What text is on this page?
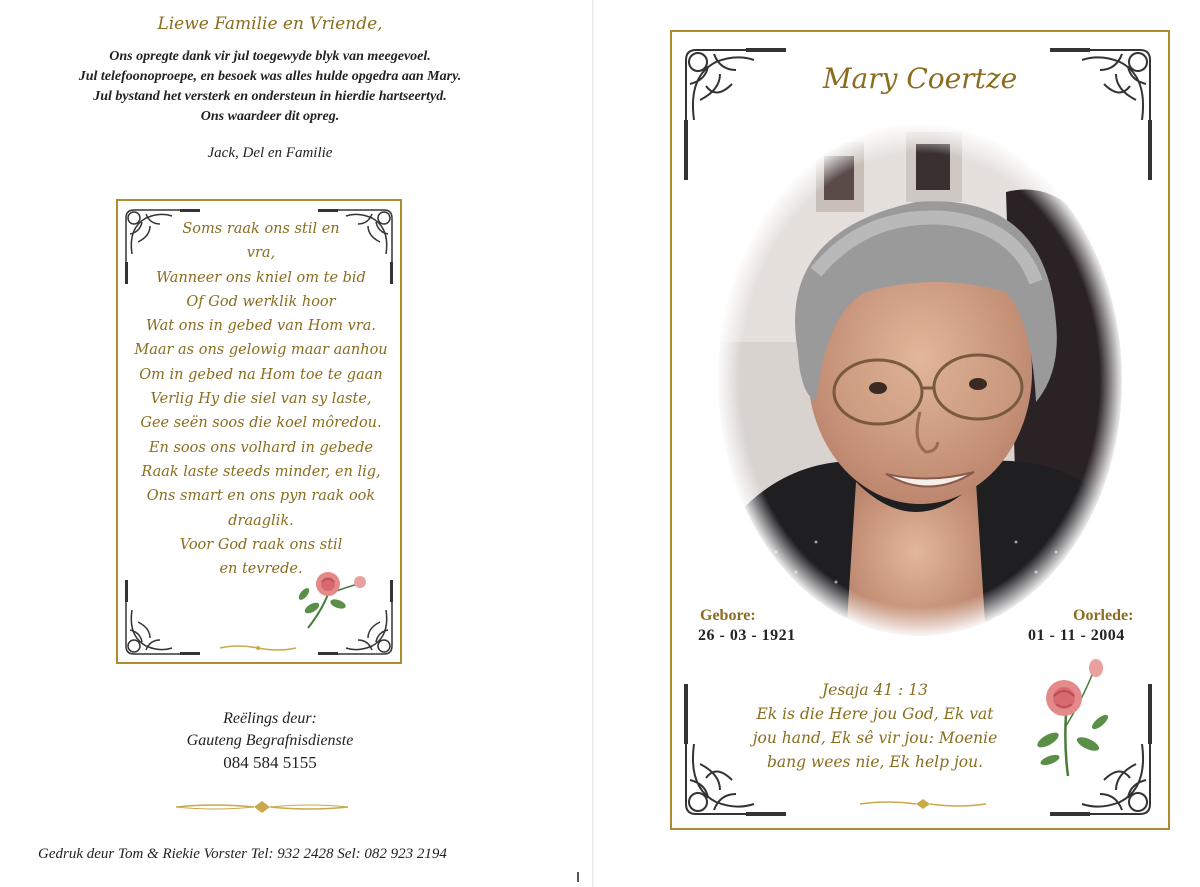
Liewe Familie en Vriende,
Ons opregte dank vir jul toegewyde blyk van meegevoel.
Jul telefoonoproepe, en besoek was alles hulde opgedra aan Mary.
Jul bystand het versterk en ondersteun in hierdie hartseertyd.
Ons waardeer dit opreg.
Jack, Del en Familie
Soms raak ons stil en
vra,
Wanneer ons kniel om te bid
Of God werklik hoor
Wat ons in gebed van Hom vra.
Maar as ons gelowig maar aanhou
Om in gebed na Hom toe te gaan
Verlig Hy die siel van sy laste,
Gee seën soos die koel môredou.
En soos ons volhard in gebede
Raak laste steeds minder, en lig,
Ons smart en ons pyn raak ook
draaglik.
Voor God raak ons stil
en tevrede.
Reëlings deur:
Gauteng Begrafnisdienste
084 584 5155
Gedruk deur Tom & Riekie Vorster Tel: 932 2428 Sel: 082 923 2194
Mary Coertze
Gebore:
26 - 03 - 1921
Oorlede:
01 - 11 - 2004
Jesaja 41 : 13
Ek is die Here jou God, Ek vat
jou hand, Ek sê vir jou: Moenie
bang wees nie, Ek help jou.
